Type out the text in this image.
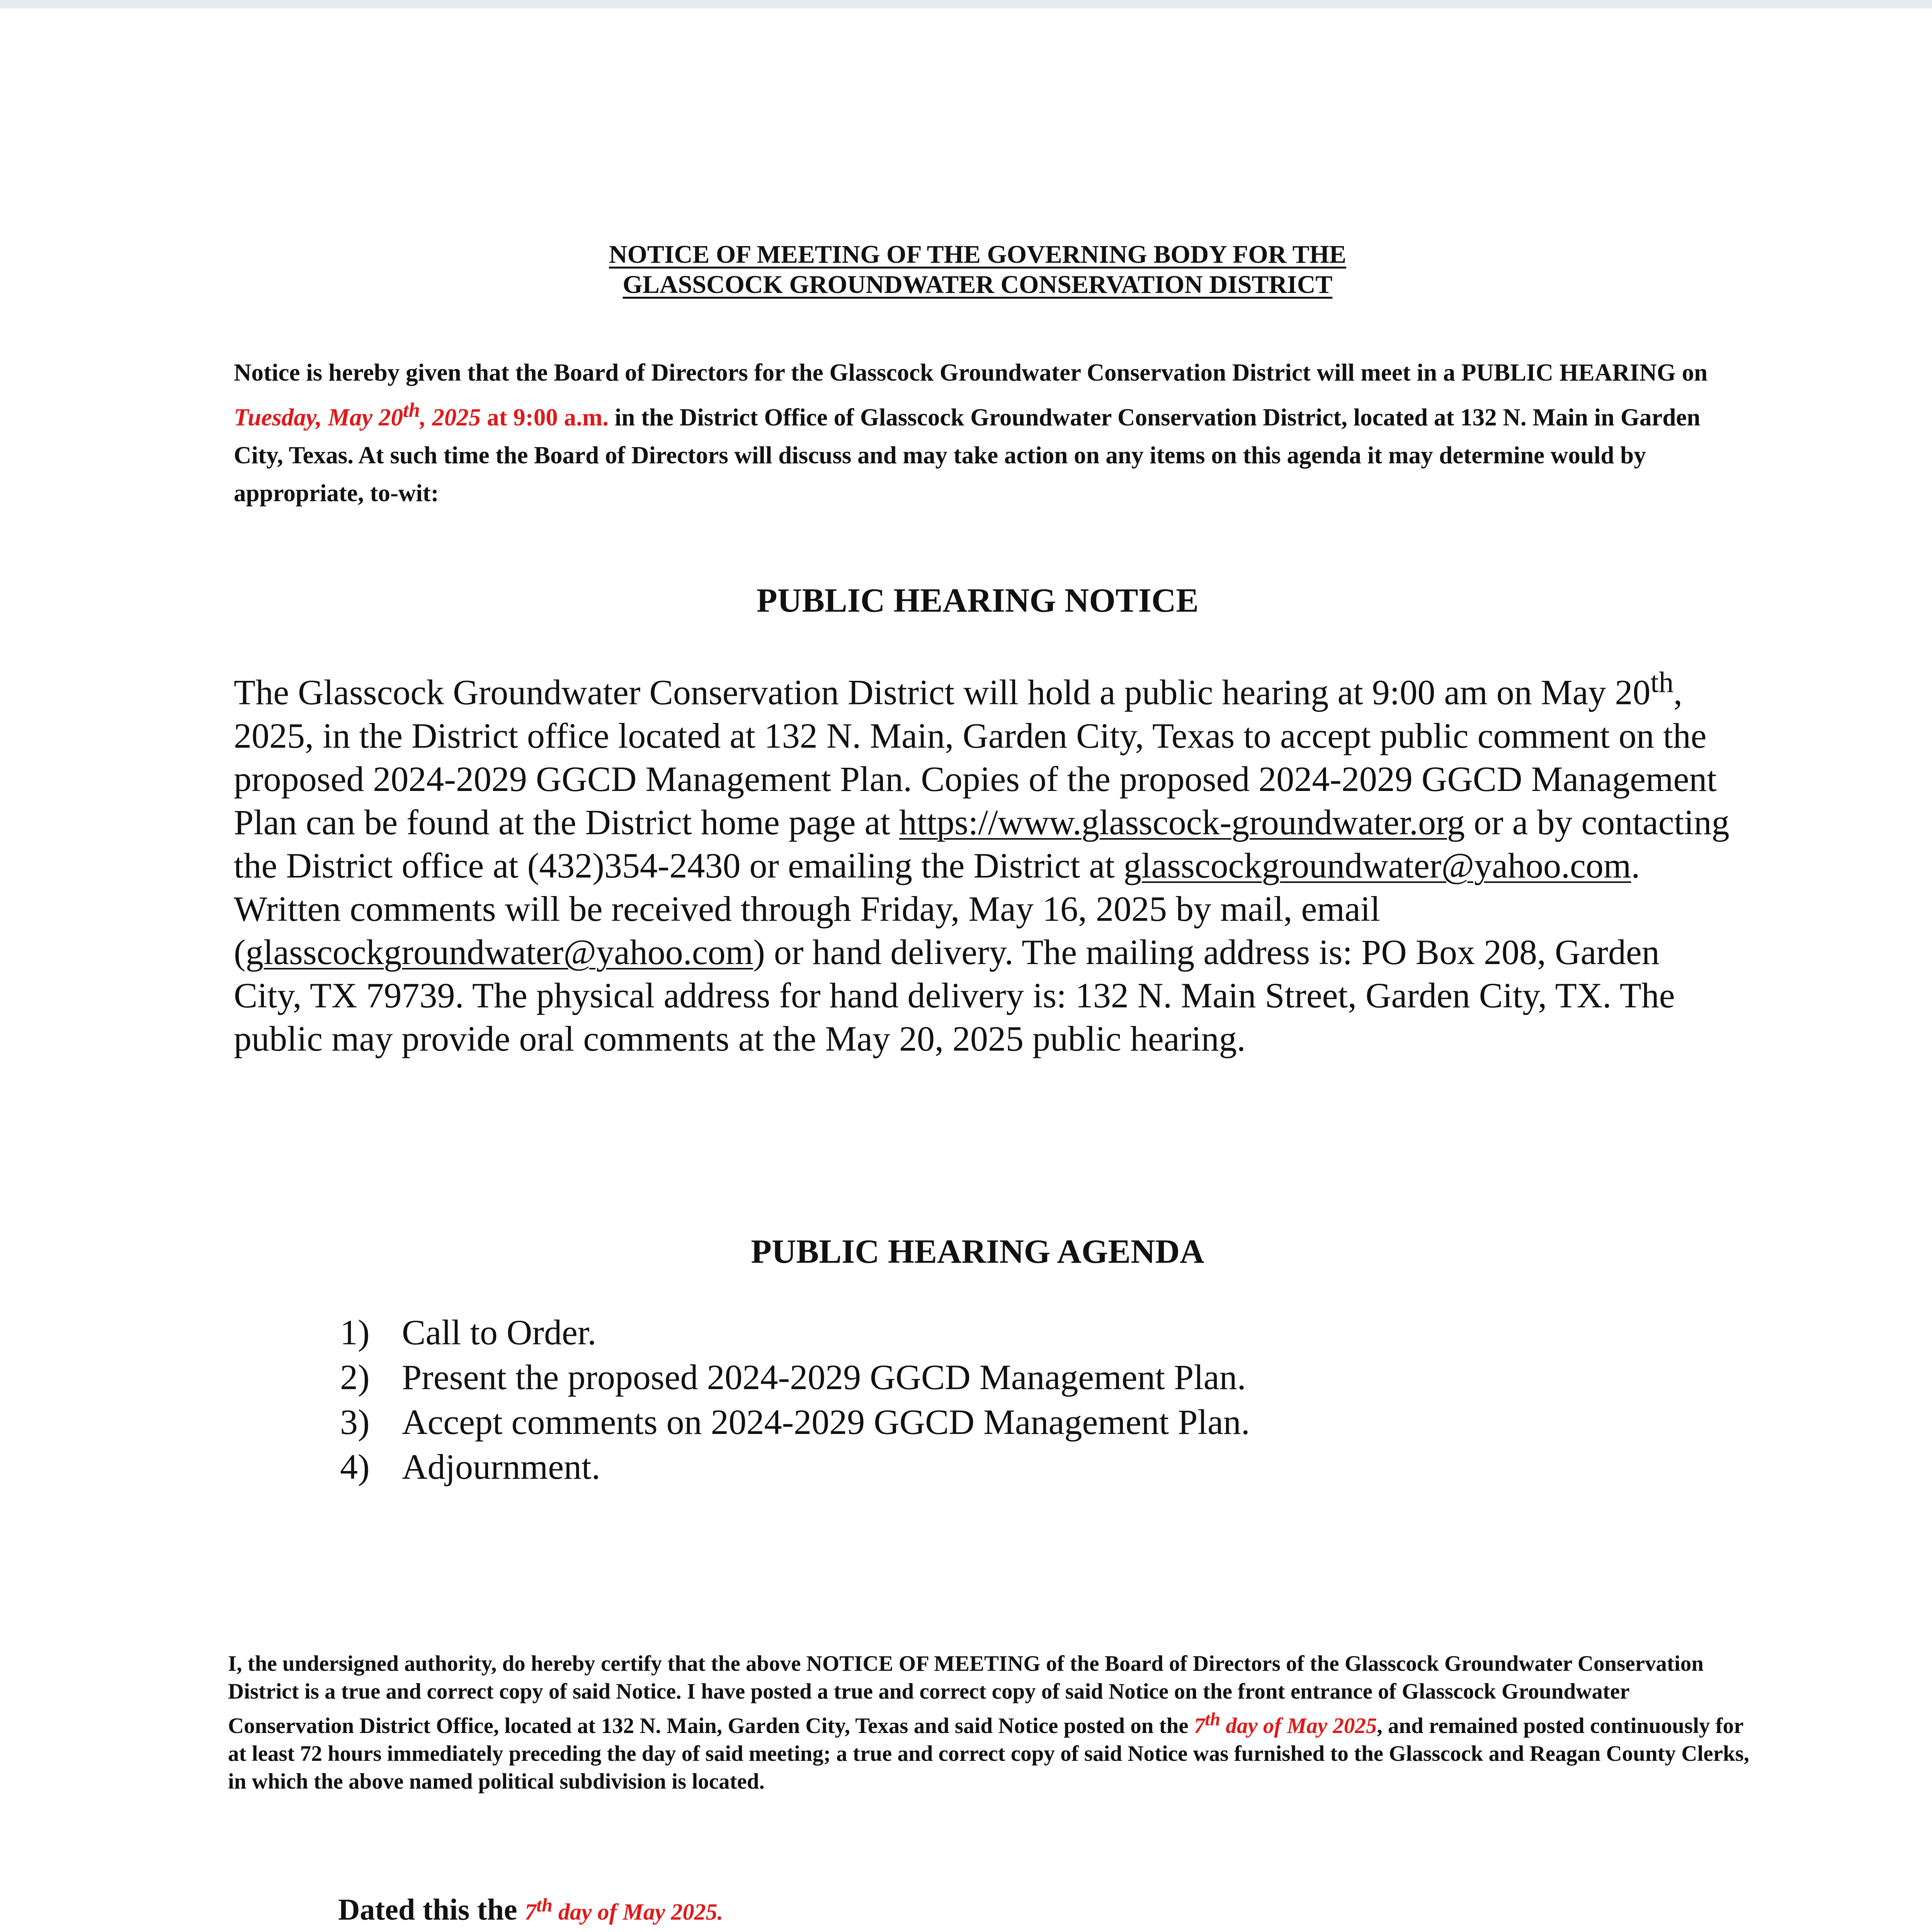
NOTICE OF MEETING OF THE GOVERNING BODY FOR THE
GLASSCOCK GROUNDWATER CONSERVATION DISTRICT
Notice is hereby given that the Board of Directors for the Glasscock Groundwater Conservation District will meet in a PUBLIC HEARING on Tuesday, May 20th, 2025 at 9:00 a.m. in the District Office of Glasscock Groundwater Conservation District, located at 132 N. Main in Garden City, Texas. At such time the Board of Directors will discuss and may take action on any items on this agenda it may determine would by appropriate, to-wit:
PUBLIC HEARING NOTICE
The Glasscock Groundwater Conservation District will hold a public hearing at 9:00 am on May 20th, 2025, in the District office located at 132 N. Main, Garden City, Texas to accept public comment on the proposed 2024-2029 GGCD Management Plan. Copies of the proposed 2024-2029 GGCD Management Plan can be found at the District home page at https://www.glasscock-groundwater.org or a by contacting the District office at (432)354-2430 or emailing the District at glasscockgroundwater@yahoo.com. Written comments will be received through Friday, May 16, 2025 by mail, email (glasscockgroundwater@yahoo.com) or hand delivery. The mailing address is: PO Box 208, Garden City, TX 79739. The physical address for hand delivery is: 132 N. Main Street, Garden City, TX. The public may provide oral comments at the May 20, 2025 public hearing.
PUBLIC HEARING AGENDA
1) Call to Order.
2) Present the proposed 2024-2029 GGCD Management Plan.
3) Accept comments on 2024-2029 GGCD Management Plan.
4) Adjournment.
I, the undersigned authority, do hereby certify that the above NOTICE OF MEETING of the Board of Directors of the Glasscock Groundwater Conservation District is a true and correct copy of said Notice. I have posted a true and correct copy of said Notice on the front entrance of Glasscock Groundwater Conservation District Office, located at 132 N. Main, Garden City, Texas and said Notice posted on the 7th day of May 2025, and remained posted continuously for at least 72 hours immediately preceding the day of said meeting; a true and correct copy of said Notice was furnished to the Glasscock and Reagan County Clerks, in which the above named political subdivision is located.
Dated this the 7th day of May 2025.
